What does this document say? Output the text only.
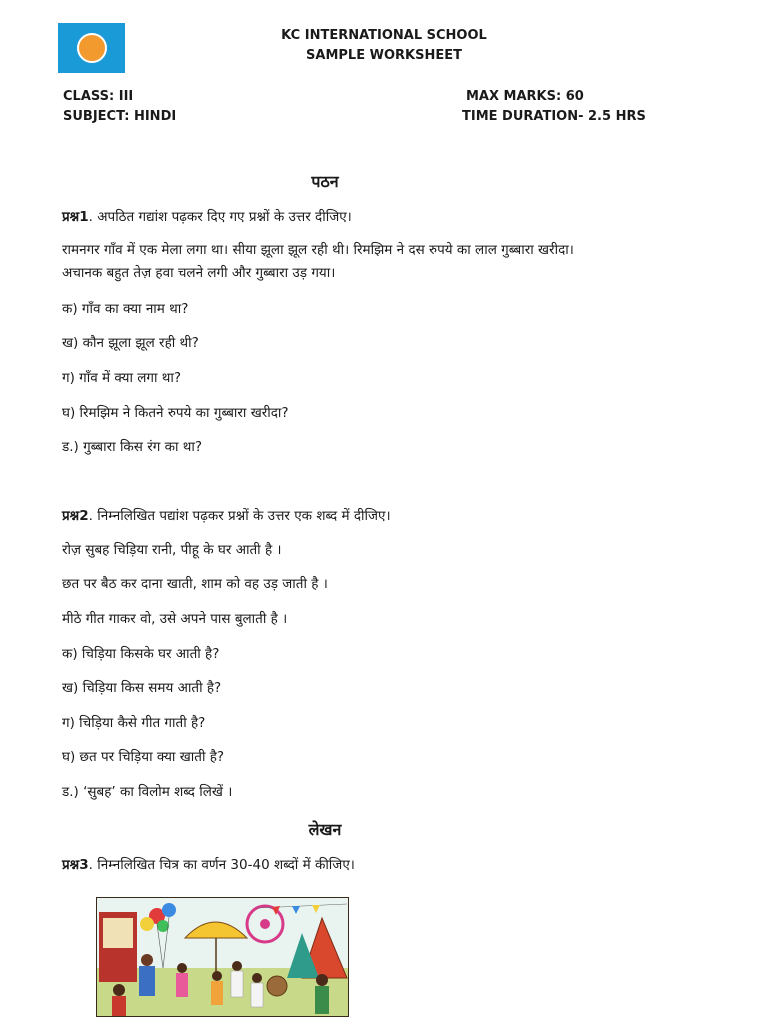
KC INTERNATIONAL SCHOOL
SAMPLE WORKSHEET
CLASS: III
SUBJECT: HINDI
MAX MARKS: 60
TIME DURATION- 2.5 HRS
पठन
प्रश्न1. अपठित गद्यांश पढ़कर दिए गए प्रश्नों के उत्तर दीजिए।
रामनगर गाँव में एक मेला लगा था। सीया झूला झूल रही थी। रिमझिम ने दस रुपये का लाल गुब्बारा खरीदा।
अचानक बहुत तेज़ हवा चलने लगी और गुब्बारा उड़ गया।
क) गाँव का क्या नाम था?
ख) कौन झूला झूल रही थी?
ग) गाँव में क्या लगा था?
घ) रिमझिम ने कितने रुपये का गुब्बारा खरीदा?
ड.) गुब्बारा किस रंग का था?
प्रश्न2. निम्नलिखित पद्यांश पढ़कर प्रश्नों के उत्तर एक शब्द में दीजिए।
रोज़ सुबह चिड़िया रानी, पीहू के घर आती है ।
छत पर बैठ कर दाना खाती, शाम को वह उड़ जाती है ।
मीठे गीत गाकर वो, उसे अपने पास बुलाती है ।
क) चिड़िया किसके घर आती है?
ख) चिड़िया किस समय आती है?
ग) चिड़िया कैसे गीत गाती है?
घ) छत पर चिड़िया क्या खाती है?
ड.) ‘सुबह’ का विलोम शब्द लिखें ।
लेखन
प्रश्न3. निम्नलिखित चित्र का वर्णन 30-40 शब्दों में कीजिए।
